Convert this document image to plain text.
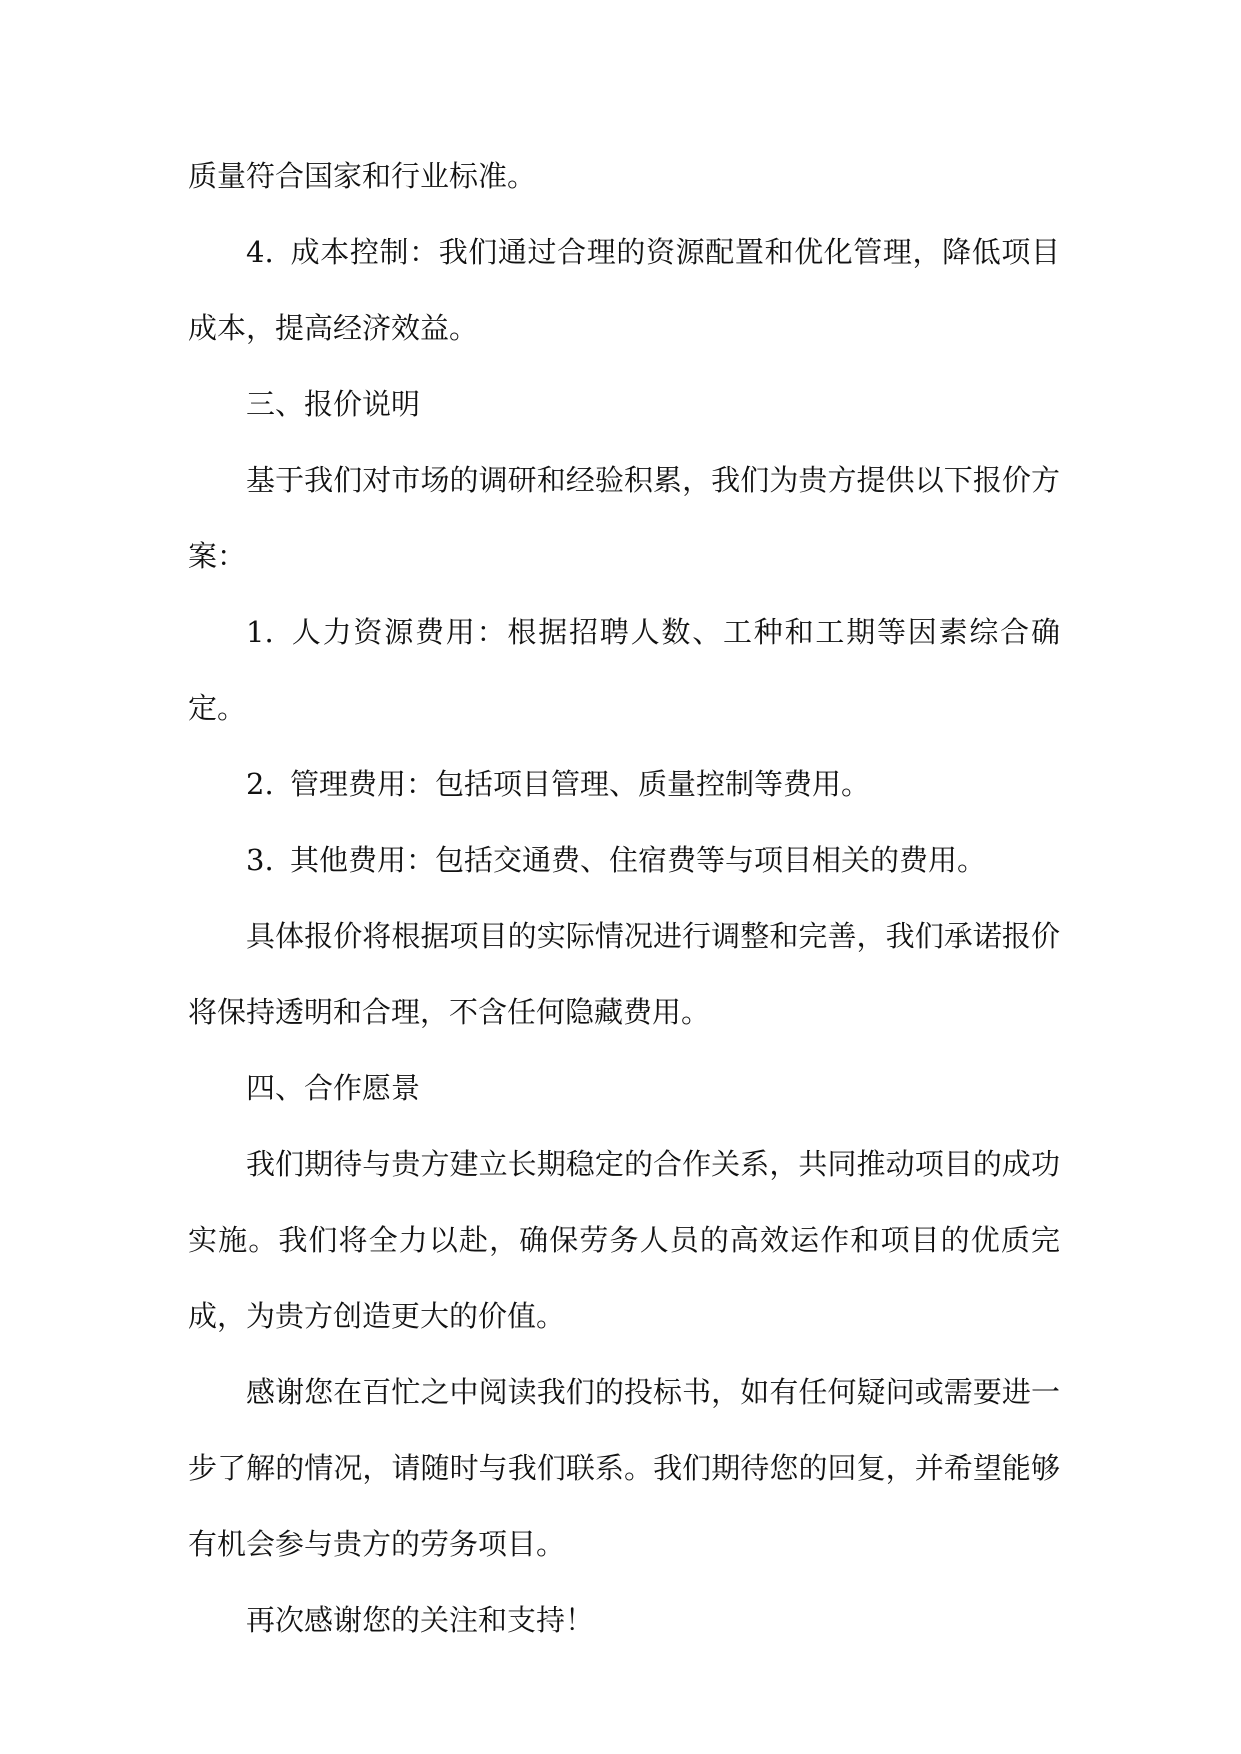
质量符合国家和行业标准。

4. 成本控制：我们通过合理的资源配置和优化管理，降低项目成本，提高经济效益。

三、报价说明

基于我们对市场的调研和经验积累，我们为贵方提供以下报价方案：

1. 人力资源费用：根据招聘人数、工种和工期等因素综合确定。

2. 管理费用：包括项目管理、质量控制等费用。

3. 其他费用：包括交通费、住宿费等与项目相关的费用。

具体报价将根据项目的实际情况进行调整和完善，我们承诺报价将保持透明和合理，不含任何隐藏费用。

四、合作愿景

我们期待与贵方建立长期稳定的合作关系，共同推动项目的成功实施。我们将全力以赴，确保劳务人员的高效运作和项目的优质完成，为贵方创造更大的价值。

感谢您在百忙之中阅读我们的投标书，如有任何疑问或需要进一步了解的情况，请随时与我们联系。我们期待您的回复，并希望能够有机会参与贵方的劳务项目。

再次感谢您的关注和支持！
